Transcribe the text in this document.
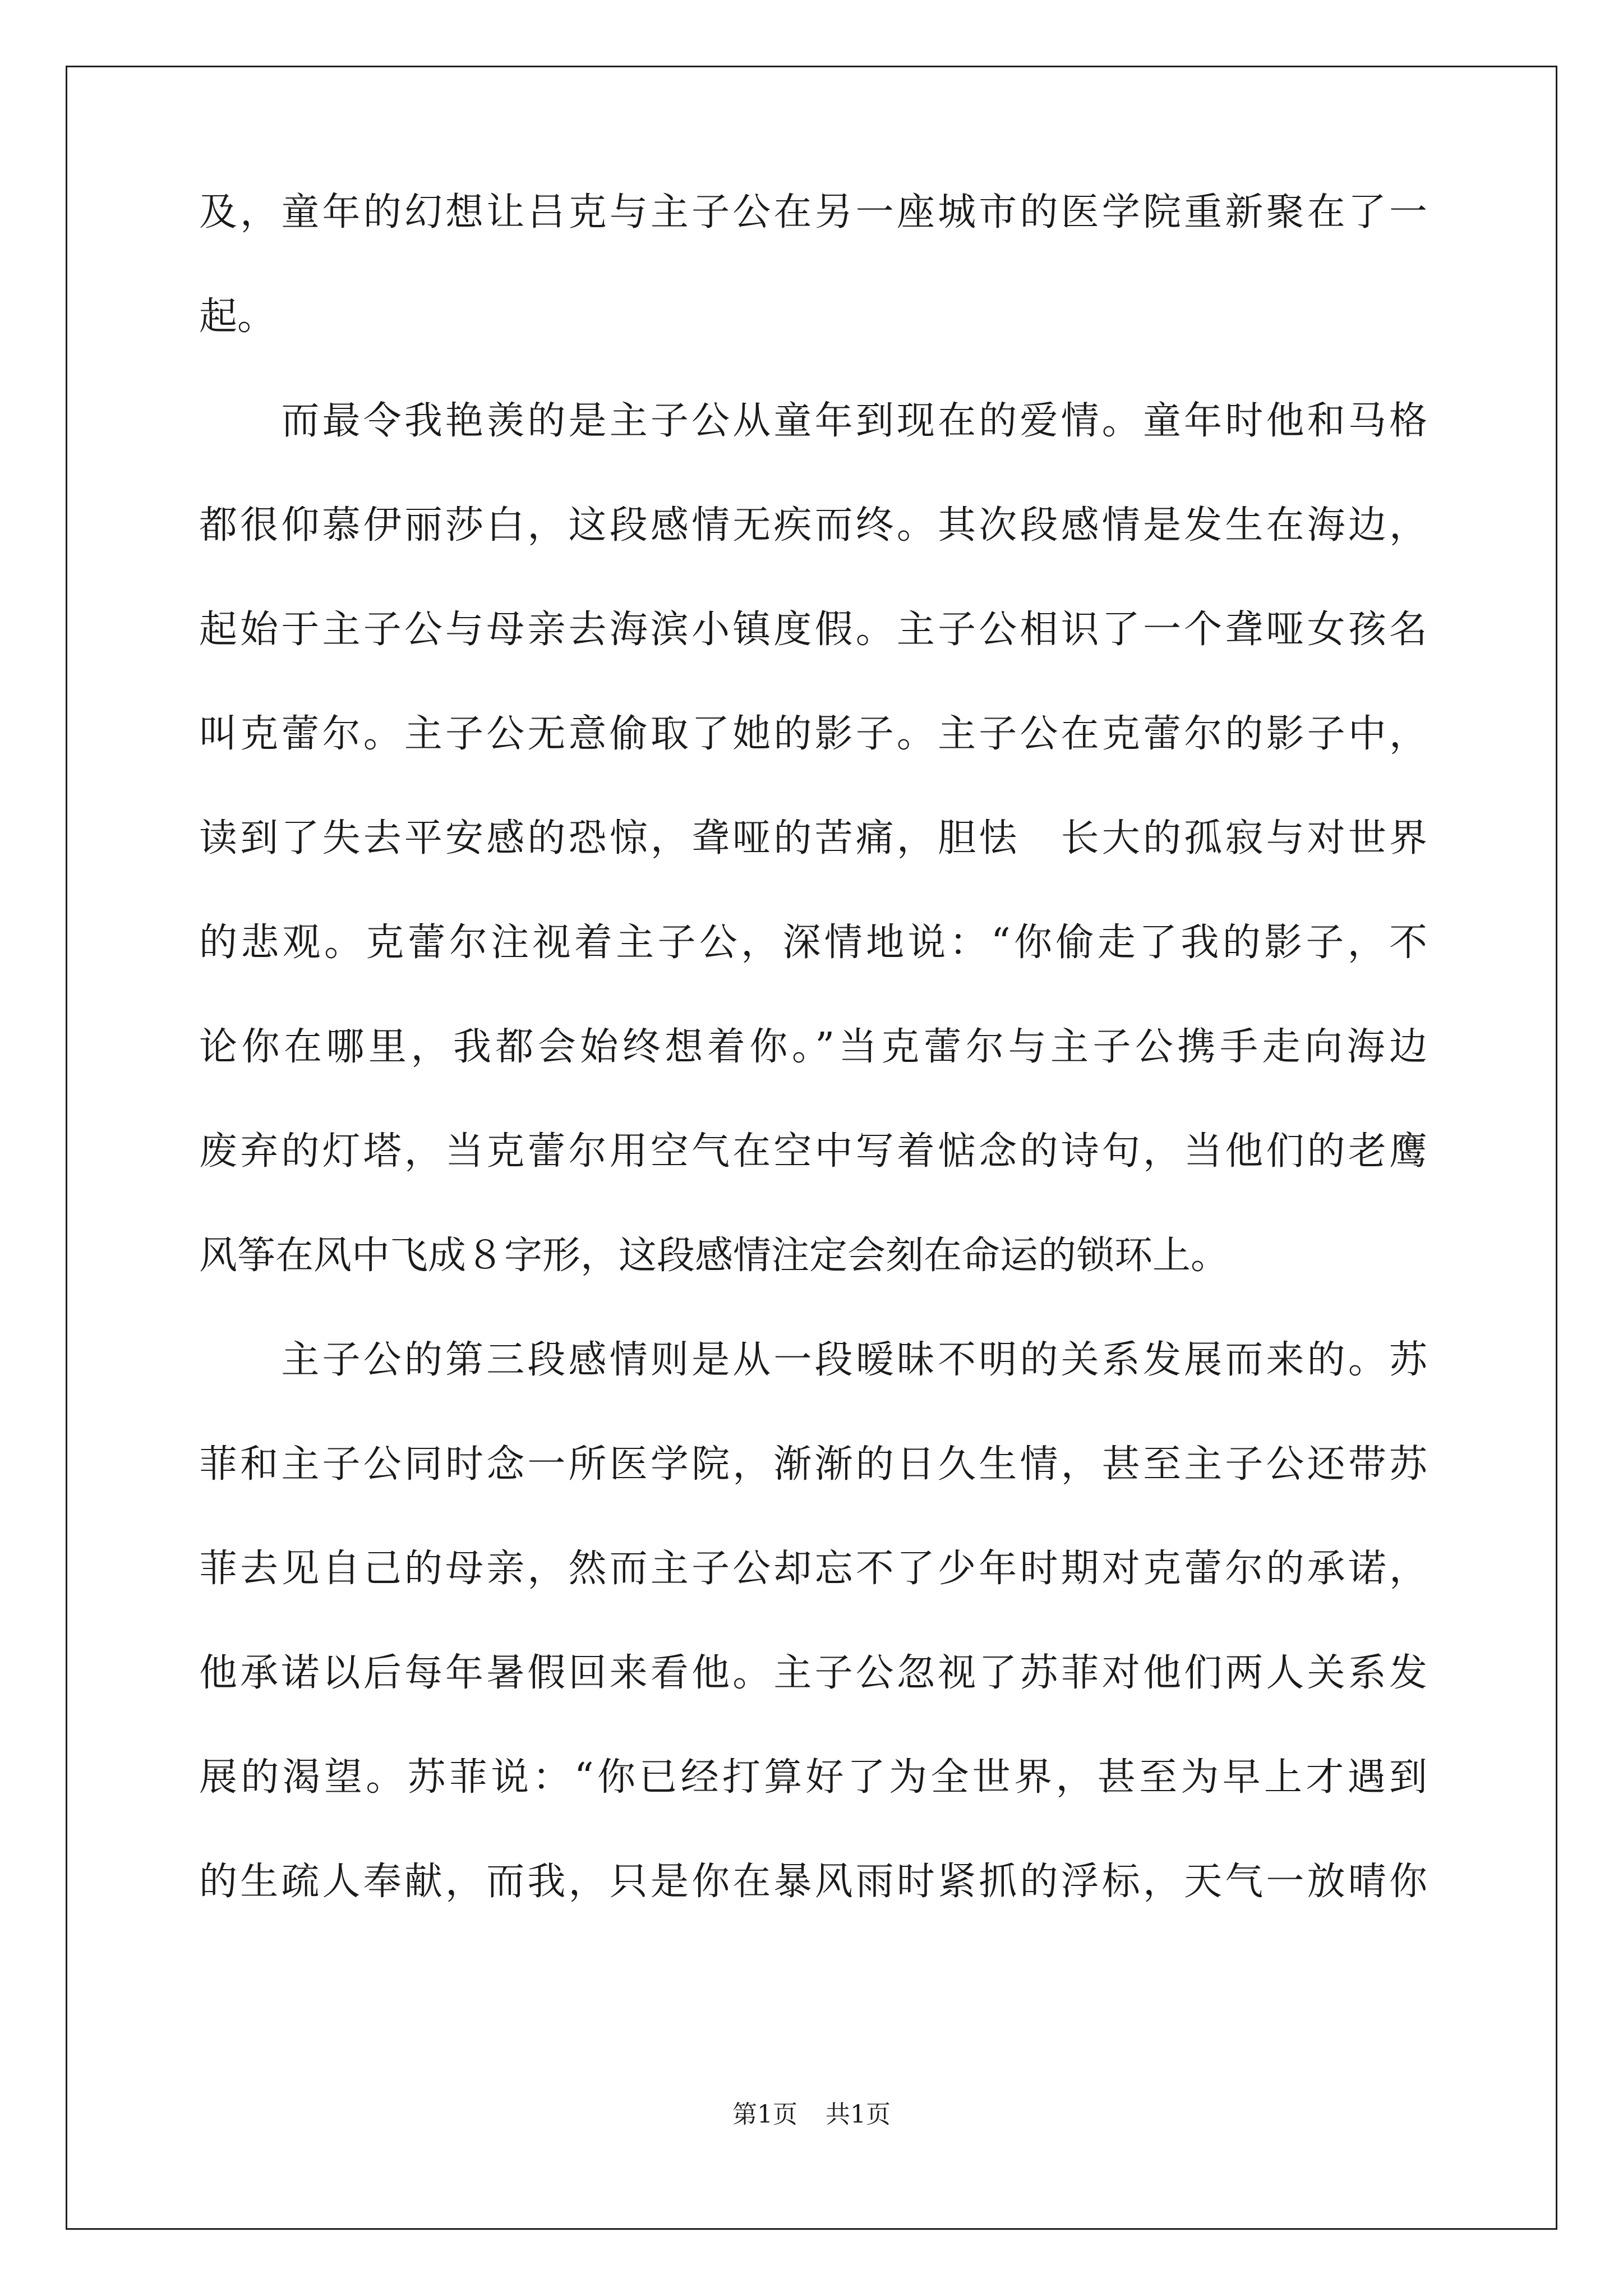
及，童年的幻想让吕克与主子公在另一座城市的医学院重新聚在了一
起。
　　而最令我艳羡的是主子公从童年到现在的爱情。童年时他和马格
都很仰慕伊丽莎白，这段感情无疾而终。其次段感情是发生在海边，
起始于主子公与母亲去海滨小镇度假。主子公相识了一个聋哑女孩名
叫克蕾尔。主子公无意偷取了她的影子。主子公在克蕾尔的影子中，
读到了失去平安感的恐惊，聋哑的苦痛，胆怯　长大的孤寂与对世界
的悲观。克蕾尔注视着主子公，深情地说：“你偷走了我的影子，不
论你在哪里，我都会始终想着你。”当克蕾尔与主子公携手走向海边
废弃的灯塔，当克蕾尔用空气在空中写着惦念的诗句，当他们的老鹰
风筝在风中飞成８字形，这段感情注定会刻在命运的锁环上。
　　主子公的第三段感情则是从一段暧昧不明的关系发展而来的。苏
菲和主子公同时念一所医学院，渐渐的日久生情，甚至主子公还带苏
菲去见自己的母亲，然而主子公却忘不了少年时期对克蕾尔的承诺，
他承诺以后每年暑假回来看他。主子公忽视了苏菲对他们两人关系发
展的渴望。苏菲说：“你已经打算好了为全世界，甚至为早上才遇到
的生疏人奉献，而我，只是你在暴风雨时紧抓的浮标，天气一放晴你
第1页 共1页
